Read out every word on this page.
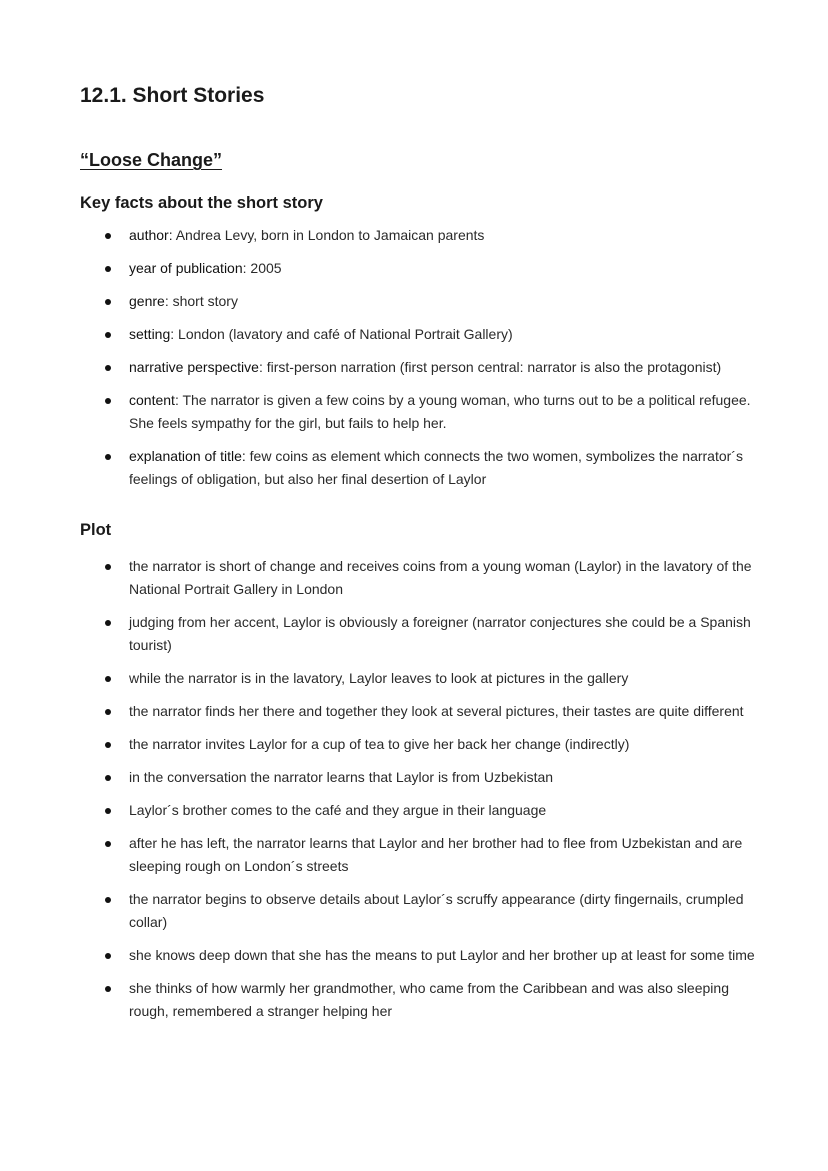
12.1. Short Stories
“Loose Change”
Key facts about the short story
author: Andrea Levy, born in London to Jamaican parents
year of publication: 2005
genre: short story
setting: London (lavatory and café of National Portrait Gallery)
narrative perspective: first-person narration (first person central: narrator is also the protagonist)
content: The narrator is given a few coins by a young woman, who turns out to be a political refugee. She feels sympathy for the girl, but fails to help her.
explanation of title: few coins as element which connects the two women, symbolizes the narrator´s feelings of obligation, but also her final desertion of Laylor
Plot
the narrator is short of change and receives coins from a young woman (Laylor) in the lavatory of the National Portrait Gallery in London
judging from her accent, Laylor is obviously a foreigner (narrator conjectures she could be a Spanish tourist)
while the narrator is in the lavatory, Laylor leaves to look at pictures in the gallery
the narrator finds her there and together they look at several pictures, their tastes are quite different
the narrator invites Laylor for a cup of tea to give her back her change (indirectly)
in the conversation the narrator learns that Laylor is from Uzbekistan
Laylor´s brother comes to the café and they argue in their language
after he has left, the narrator learns that Laylor and her brother had to flee from Uzbekistan and are sleeping rough on London´s streets
the narrator begins to observe details about Laylor´s scruffy appearance (dirty fingernails, crumpled collar)
she knows deep down that she has the means to put Laylor and her brother up at least for some time
she thinks of how warmly her grandmother, who came from the Caribbean and was also sleeping rough, remembered a stranger helping her
